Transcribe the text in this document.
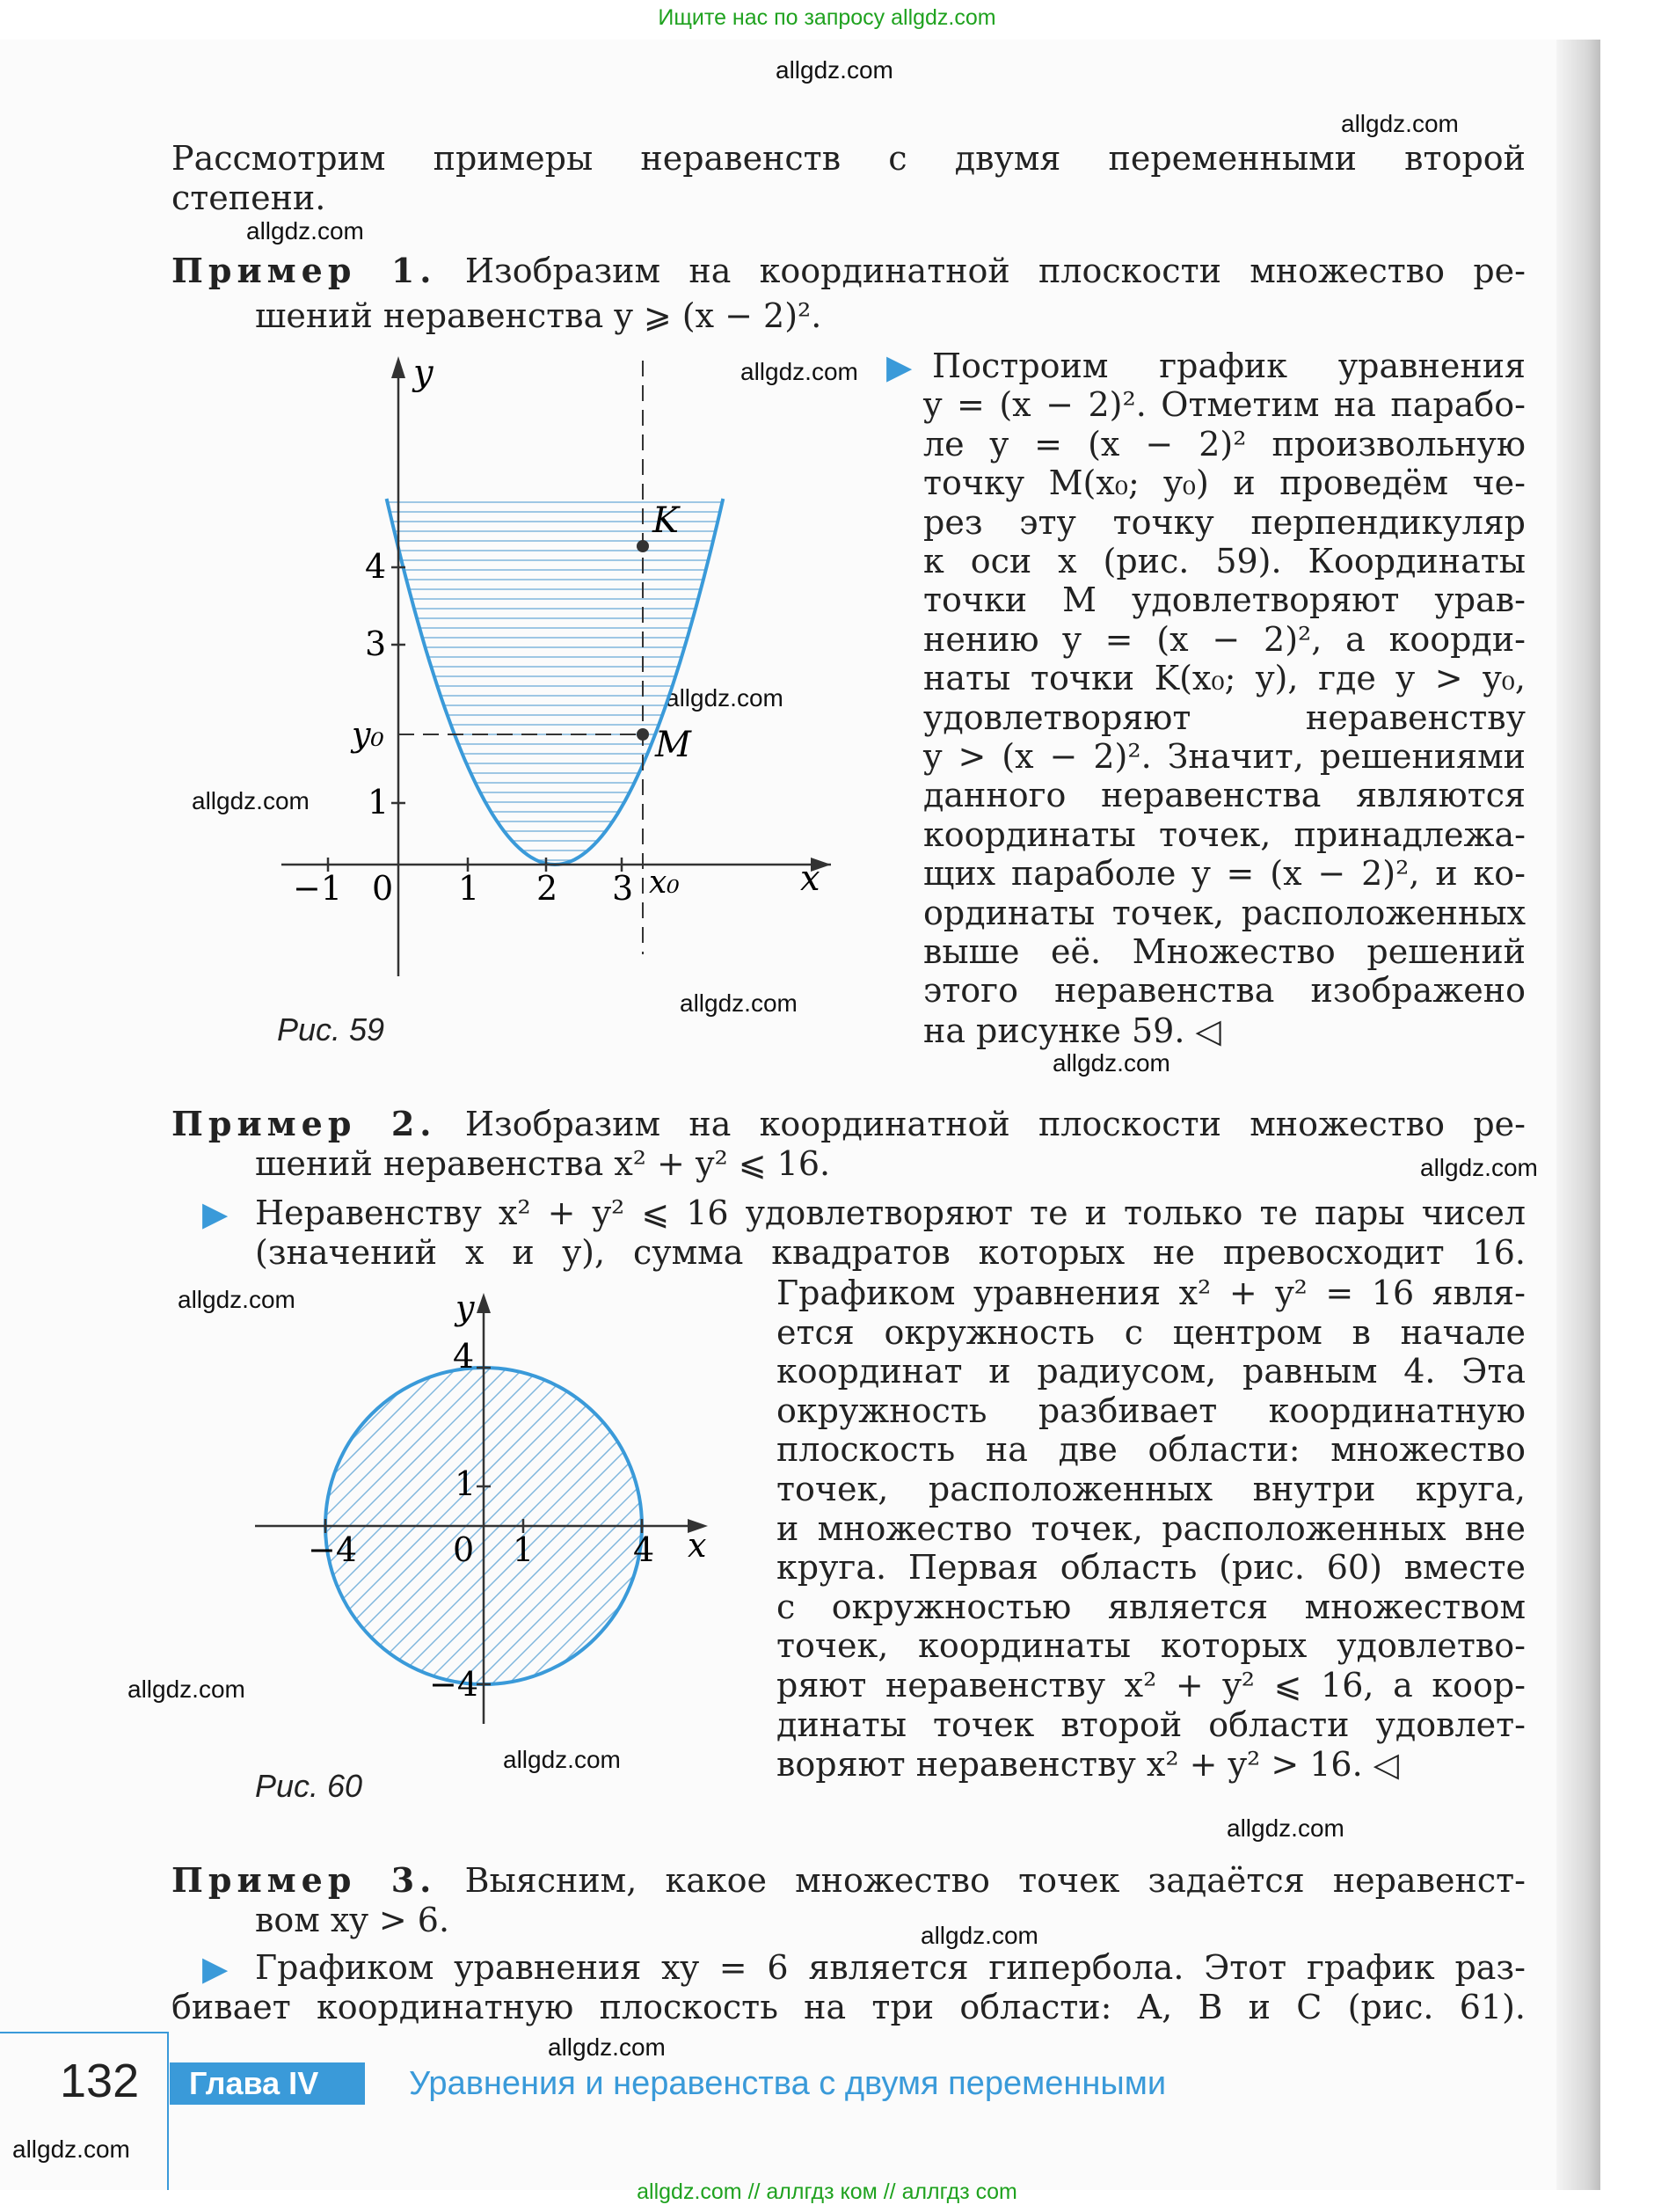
Ищите нас по запросу allgdz.com
allgdz.com // аллгдз ком // аллгдз com
allgdz.com
allgdz.com
allgdz.com
allgdz.com
allgdz.com
allgdz.com
allgdz.com
allgdz.com
allgdz.com
allgdz.com
allgdz.com
allgdz.com
allgdz.com
allgdz.com
allgdz.com
allgdz.com
Рассмотрим примеры неравенств с двумя переменными второй
степени.
Пример 1. Изобразим на координатной плоскости множество ре-
шений неравенства y ⩾ (x − 2)².
▶ Построим график уравнения
y = (x − 2)². Отметим на парабо-
ле y = (x − 2)² произвольную
точку M(x₀; y₀) и проведём че-
рез эту точку перпендикуляр
к оси x (рис. 59). Координаты
точки M удовлетворяют урав-
нению y = (x − 2)², а коорди-
наты точки K(x₀; y), где y > y₀,
удовлетворяют неравенству
y > (x − 2)². Значит, решениями
данного неравенства являются
координаты точек, принадлежа-
щих параболе y = (x − 2)², и ко-
ординаты точек, расположенных
выше её. Множество решений
этого неравенства изображено
на рисунке 59. ◁
y
x
K
M
y₀
x₀
−1 0 1 2 3
1
3
4
Рис. 59
Пример 2. Изобразим на координатной плоскости множество ре-
шений неравенства x² + y² ⩽ 16.
▶ Неравенству x² + y² ⩽ 16 удовлетворяют те и только те пары чисел
(значений x и y), сумма квадратов которых не превосходит 16.
Графиком уравнения x² + y² = 16 явля-
ется окружность с центром в начале
координат и радиусом, равным 4. Эта
окружность разбивает координатную
плоскость на две области: множество
точек, расположенных внутри круга,
и множество точек, расположенных вне
круга. Первая область (рис. 60) вместе
с окружностью является множеством
точек, координаты которых удовлетво-
ряют неравенству x² + y² ⩽ 16, а коор-
динаты точек второй области удовлет-
воряют неравенству x² + y² > 16. ◁
y
x
4
1
−4
−4	0 1	4
Рис. 60
Пример 3. Выясним, какое множество точек задаётся неравенст-
вом xy > 6.
▶ Графиком уравнения xy = 6 является гипербола. Этот график раз-
бивает координатную плоскость на три области: A, B и C (рис. 61).
132	Глава IV	Уравнения и неравенства с двумя переменными
